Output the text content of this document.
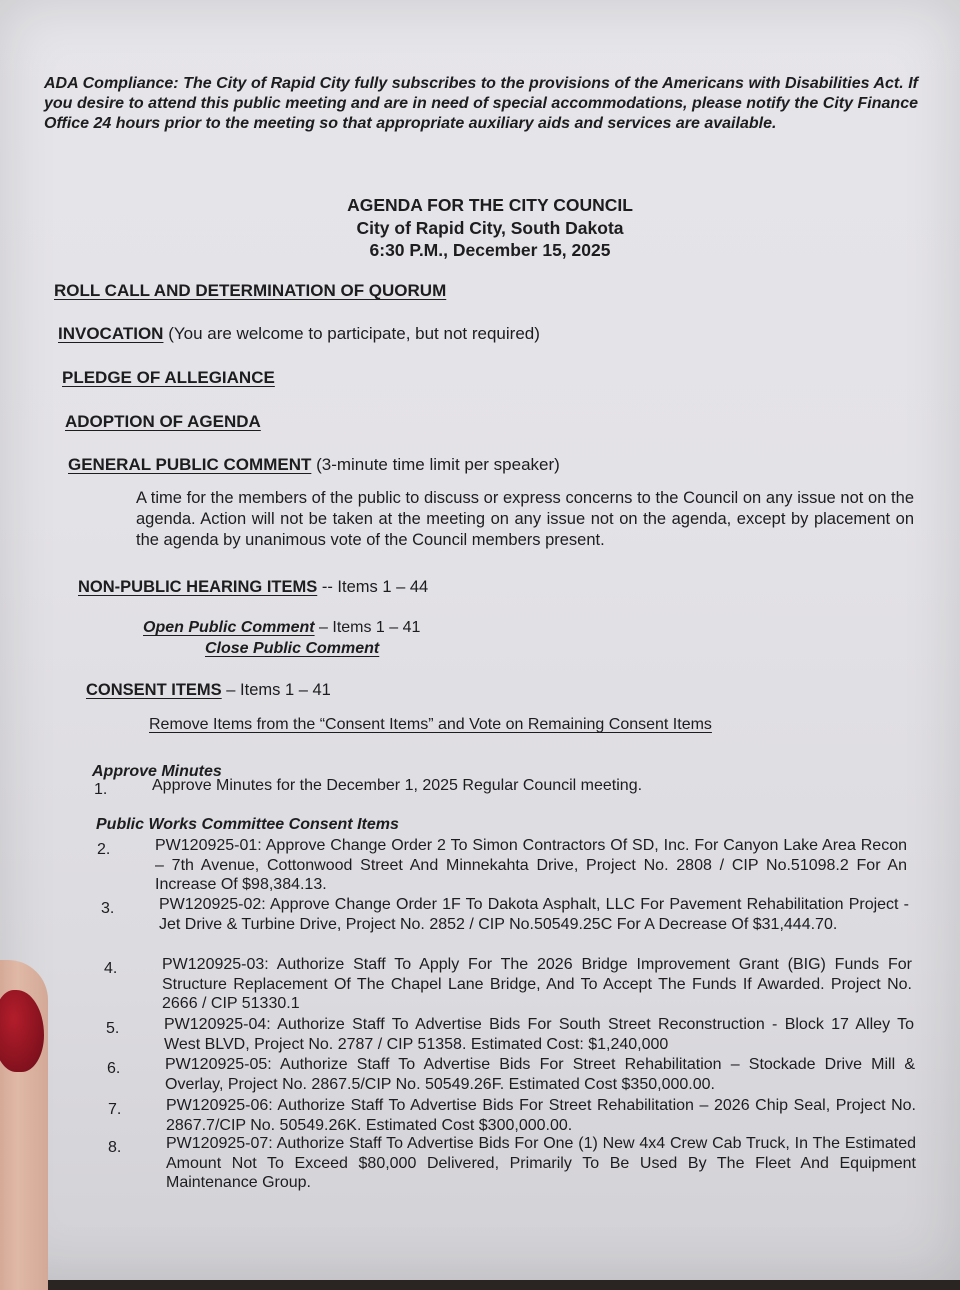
ADA Compliance: The City of Rapid City fully subscribes to the provisions of the Americans with Disabilities Act. If you desire to attend this public meeting and are in need of special accommodations, please notify the City Finance Office 24 hours prior to the meeting so that appropriate auxiliary aids and services are available.
AGENDA FOR THE CITY COUNCIL
City of Rapid City, South Dakota
6:30 P.M., December 15, 2025
ROLL CALL AND DETERMINATION OF QUORUM
INVOCATION (You are welcome to participate, but not required)
PLEDGE OF ALLEGIANCE
ADOPTION OF AGENDA
GENERAL PUBLIC COMMENT (3-minute time limit per speaker)
A time for the members of the public to discuss or express concerns to the Council on any issue not on the agenda. Action will not be taken at the meeting on any issue not on the agenda, except by placement on the agenda by unanimous vote of the Council members present.
NON-PUBLIC HEARING ITEMS -- Items 1 – 44
Open Public Comment – Items 1 – 41
Close Public Comment
CONSENT ITEMS – Items 1 – 41
Remove Items from the “Consent Items” and Vote on Remaining Consent Items
Approve Minutes
1.	Approve Minutes for the December 1, 2025 Regular Council meeting.
Public Works Committee Consent Items
2.	PW120925-01: Approve Change Order 2 To Simon Contractors Of SD, Inc. For Canyon Lake Area Recon – 7th Avenue, Cottonwood Street And Minnekahta Drive, Project No. 2808 / CIP No.51098.2 For An Increase Of $98,384.13.
3.	PW120925-02: Approve Change Order 1F To Dakota Asphalt, LLC For Pavement Rehabilitation Project - Jet Drive & Turbine Drive, Project No. 2852 / CIP No.50549.25C For A Decrease Of $31,444.70.
4.	PW120925-03: Authorize Staff To Apply For The 2026 Bridge Improvement Grant (BIG) Funds For Structure Replacement Of The Chapel Lane Bridge, And To Accept The Funds If Awarded. Project No. 2666 / CIP 51330.1
5.	PW120925-04: Authorize Staff To Advertise Bids For South Street Reconstruction - Block 17 Alley To West BLVD, Project No. 2787 / CIP 51358. Estimated Cost: $1,240,000
6.	PW120925-05: Authorize Staff To Advertise Bids For Street Rehabilitation – Stockade Drive Mill & Overlay, Project No. 2867.5/CIP No. 50549.26F. Estimated Cost $350,000.00.
7.	PW120925-06: Authorize Staff To Advertise Bids For Street Rehabilitation – 2026 Chip Seal, Project No. 2867.7/CIP No. 50549.26K. Estimated Cost $300,000.00.
8.	PW120925-07: Authorize Staff To Advertise Bids For One (1) New 4x4 Crew Cab Truck, In The Estimated Amount Not To Exceed $80,000 Delivered, Primarily To Be Used By The Fleet And Equipment Maintenance Group.
